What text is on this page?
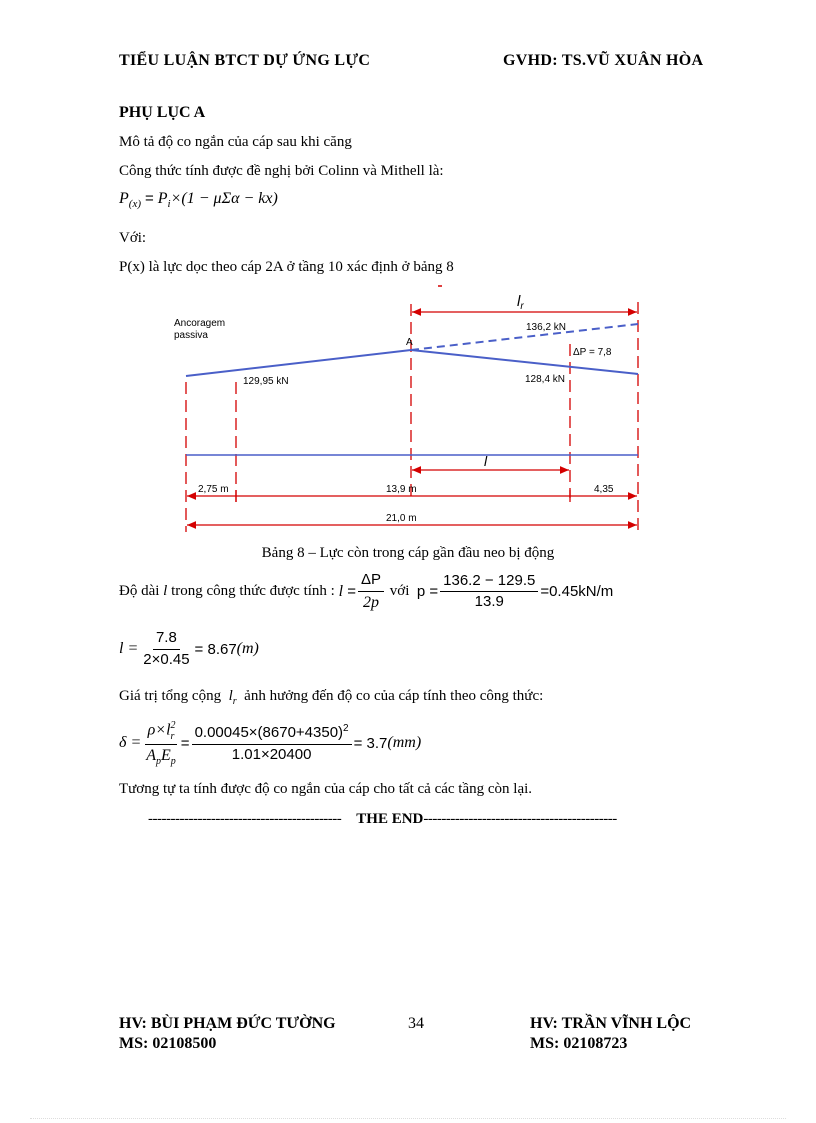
TIỂU LUẬN BTCT DỰ ỨNG LỰC	GVHD: TS.VŨ XUÂN HÒA
PHỤ LỤC A
Mô tả độ co ngắn của cáp sau khi căng
Công thức tính được đề nghị bởi Colinn và Mithell là:
$P_{(x)} = P_i\times(1 - \mu\Sigma\alpha - kx)$
Với:
P(x) là lực dọc theo cáp 2A ở tầng 10 xác định ở bảng 8
$l_r$
Ancoragem
passiva
A
136,2 kN
ΔP = 7,8
128,4 kN
129,95 kN
l
2,75 m	13,9 m	4,35
21,0 m
Bảng 8 – Lực còn trong cáp gần đầu neo bị động
Độ dài
l
trong công thức được tính :
$l = \frac{\Delta P}{2p}$
với
$p = \frac{136.2 - 129.5}{13.9} =0.45kN/m$
$l = \frac{7.8}{2\times 0.45} = 8.67$ (m)
Giá trị tổng cộng $l_r$ ảnh hưởng đến độ co của cáp tính theo công thức:
$\delta = \frac{\rho\times l^2_r}{A_pE_p} = \frac{0.00045\times(8670+4350)^2}{1.01\times 20400} = 3.7$ (mm)
Tương tự ta tính được độ co ngắn của cáp cho tất cả các tầng còn lại.
------------------------------------------- THE END-------------------------------------------
HV: BÙI PHẠM ĐỨC TƯỜNG
MS: 02108500
34	HV: TRẦN VĨNH LỘC
MS: 02108723
